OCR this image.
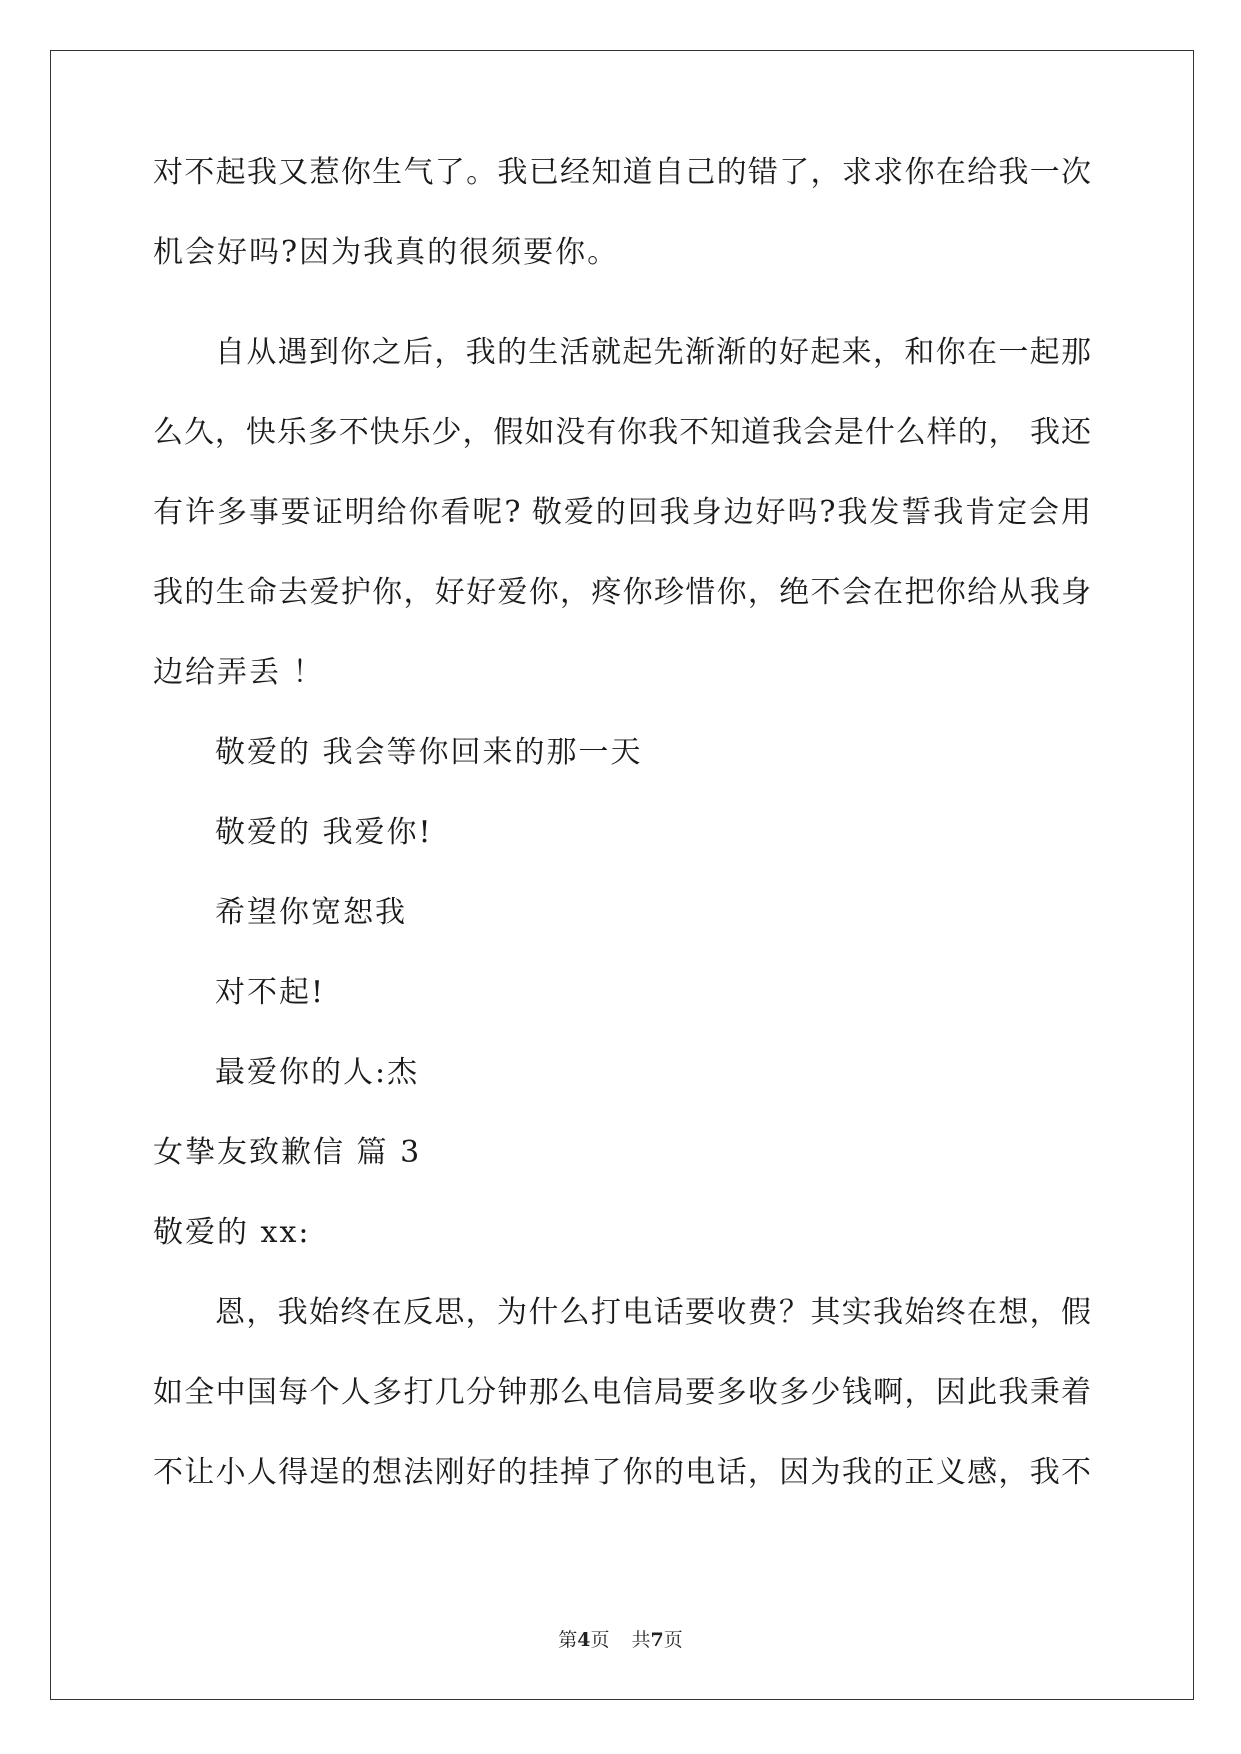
对不起我又惹你生气了。我已经知道自己的错了，求求你在给我一次
机会好吗?因为我真的很须要你。
自从遇到你之后，我的生活就起先渐渐的好起来，和你在一起那
么久，快乐多不快乐少，假如没有你我不知道我会是什么样的， 我还
有许多事要证明给你看呢? 敬爱的回我身边好吗?我发誓我肯定会用
我的生命去爱护你，好好爱你，疼你珍惜你，绝不会在把你给从我身
边给弄丢 ！
敬爱的 我会等你回来的那一天
敬爱的 我爱你!
希望你宽恕我
对不起!
最爱你的人:杰
女挚友致歉信 篇 3
敬爱的 xx:
恩，我始终在反思，为什么打电话要收费？其实我始终在想，假
如全中国每个人多打几分钟那么电信局要多收多少钱啊，因此我秉着
不让小人得逞的想法刚好的挂掉了你的电话，因为我的正义感，我不
第4页 共7页
